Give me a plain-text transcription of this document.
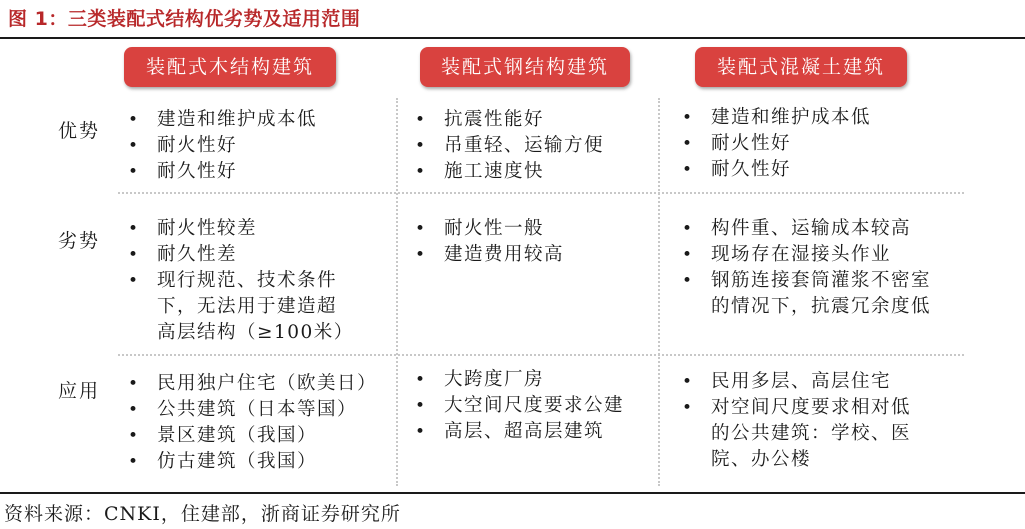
图 1：三类装配式结构优劣势及适用范围
装配式木结构建筑	装配式钢结构建筑	装配式混凝土建筑
优势
劣势
应用
• 建造和维护成本低
• 耐火性好
• 耐久性好
• 抗震性能好
• 吊重轻、运输方便
• 施工速度快
• 建造和维护成本低
• 耐火性好
• 耐久性好
• 耐火性较差
• 耐久性差
• 现行规范、技术条件
下，无法用于建造超
高层结构（≥100米）
• 耐火性一般
• 建造费用较高
• 构件重、运输成本较高
• 现场存在湿接头作业
• 钢筋连接套筒灌浆不密室
的情况下，抗震冗余度低
• 民用独户住宅（欧美日）
• 公共建筑（日本等国）
• 景区建筑（我国）
• 仿古建筑（我国）
• 大跨度厂房
• 大空间尺度要求公建
• 高层、超高层建筑
• 民用多层、高层住宅
• 对空间尺度要求相对低
的公共建筑：学校、医
院、办公楼
资料来源：CNKI，住建部，浙商证券研究所
